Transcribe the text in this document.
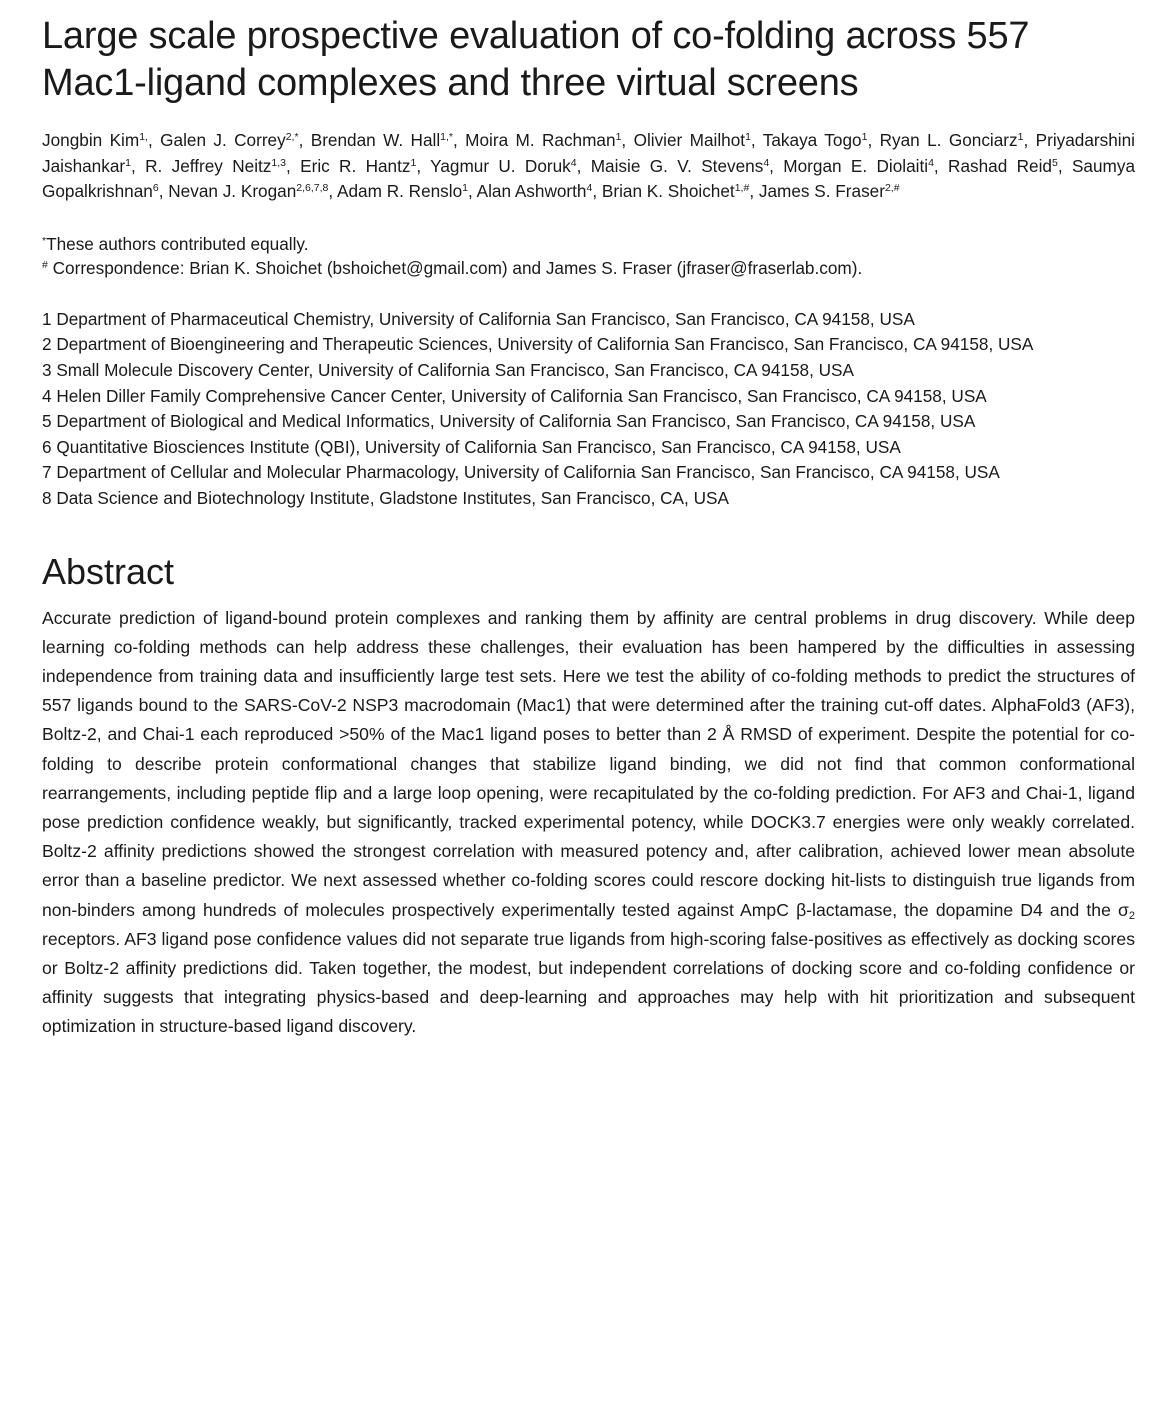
Large scale prospective evaluation of co-folding across 557 Mac1-ligand complexes and three virtual screens
Jongbin Kim$^{1,}$, Galen J. Correy$^{2,*}$, Brendan W. Hall$^{1,*}$, Moira M. Rachman$^1$, Olivier Mailhot$^1$, Takaya Togo$^1$, Ryan L. Gonciarz$^1$, Priyadarshini Jaishankar$^1$, R. Jeffrey Neitz$^{1,3}$, Eric R. Hantz$^1$, Yagmur U. Doruk$^4$, Maisie G. V. Stevens$^4$, Morgan E. Diolaiti$^4$, Rashad Reid$^5$, Saumya Gopalkrishnan$^6$, Nevan J. Krogan$^{2,6,7,8}$, Adam R. Renslo$^1$, Alan Ashworth$^4$, Brian K. Shoichet$^{1,\#}$, James S. Fraser$^{2,\#}$
*These authors contributed equally.
# Correspondence: Brian K. Shoichet (bshoichet@gmail.com) and James S. Fraser (jfraser@fraserlab.com).

1 Department of Pharmaceutical Chemistry, University of California San Francisco, San Francisco, CA 94158, USA

2 Department of Bioengineering and Therapeutic Sciences, University of California San Francisco, San Francisco, CA 94158, USA

3 Small Molecule Discovery Center, University of California San Francisco, San Francisco, CA 94158, USA

4 Helen Diller Family Comprehensive Cancer Center, University of California San Francisco, San Francisco, CA 94158, USA

5 Department of Biological and Medical Informatics, University of California San Francisco, San Francisco, CA 94158, USA

6 Quantitative Biosciences Institute (QBI), University of California San Francisco, San Francisco, CA 94158, USA

7 Department of Cellular and Molecular Pharmacology, University of California San Francisco, San Francisco, CA 94158, USA

8 Data Science and Biotechnology Institute, Gladstone Institutes, San Francisco, CA, USA

Abstract
Accurate prediction of ligand-bound protein complexes and ranking them by affinity are central problems in drug discovery. While deep learning co-folding methods can help address these challenges, their evaluation has been hampered by the difficulties in assessing independence from training data and insufficiently large test sets. Here we test the ability of co-folding methods to predict the structures of 557 ligands bound to the SARS-CoV-2 NSP3 macrodomain (Mac1) that were determined after the training cut-off dates. AlphaFold3 (AF3), Boltz-2, and Chai-1 each reproduced >50% of the Mac1 ligand poses to better than 2 Å RMSD of experiment. Despite the potential for co-folding to describe protein conformational changes that stabilize ligand binding, we did not find that common conformational rearrangements, including peptide flip and a large loop opening, were recapitulated by the co-folding prediction. For AF3 and Chai-1, ligand pose prediction confidence weakly, but significantly, tracked experimental potency, while DOCK3.7 energies were only weakly correlated. Boltz-2 affinity predictions showed the strongest correlation with measured potency and, after calibration, achieved lower mean absolute error than a baseline predictor. We next assessed whether co-folding scores could rescore docking hit-lists to distinguish true ligands from non-binders among hundreds of molecules prospectively experimentally tested against AmpC β-lactamase, the dopamine D4 and the $\sigma_2$ receptors. AF3 ligand pose confidence values did not separate true ligands from high-scoring false-positives as effectively as docking scores or Boltz-2 affinity predictions did. Taken together, the modest, but independent correlations of docking score and co-folding confidence or affinity suggests that integrating physics-based and deep-learning and approaches may help with hit prioritization and subsequent optimization in structure-based ligand discovery.
